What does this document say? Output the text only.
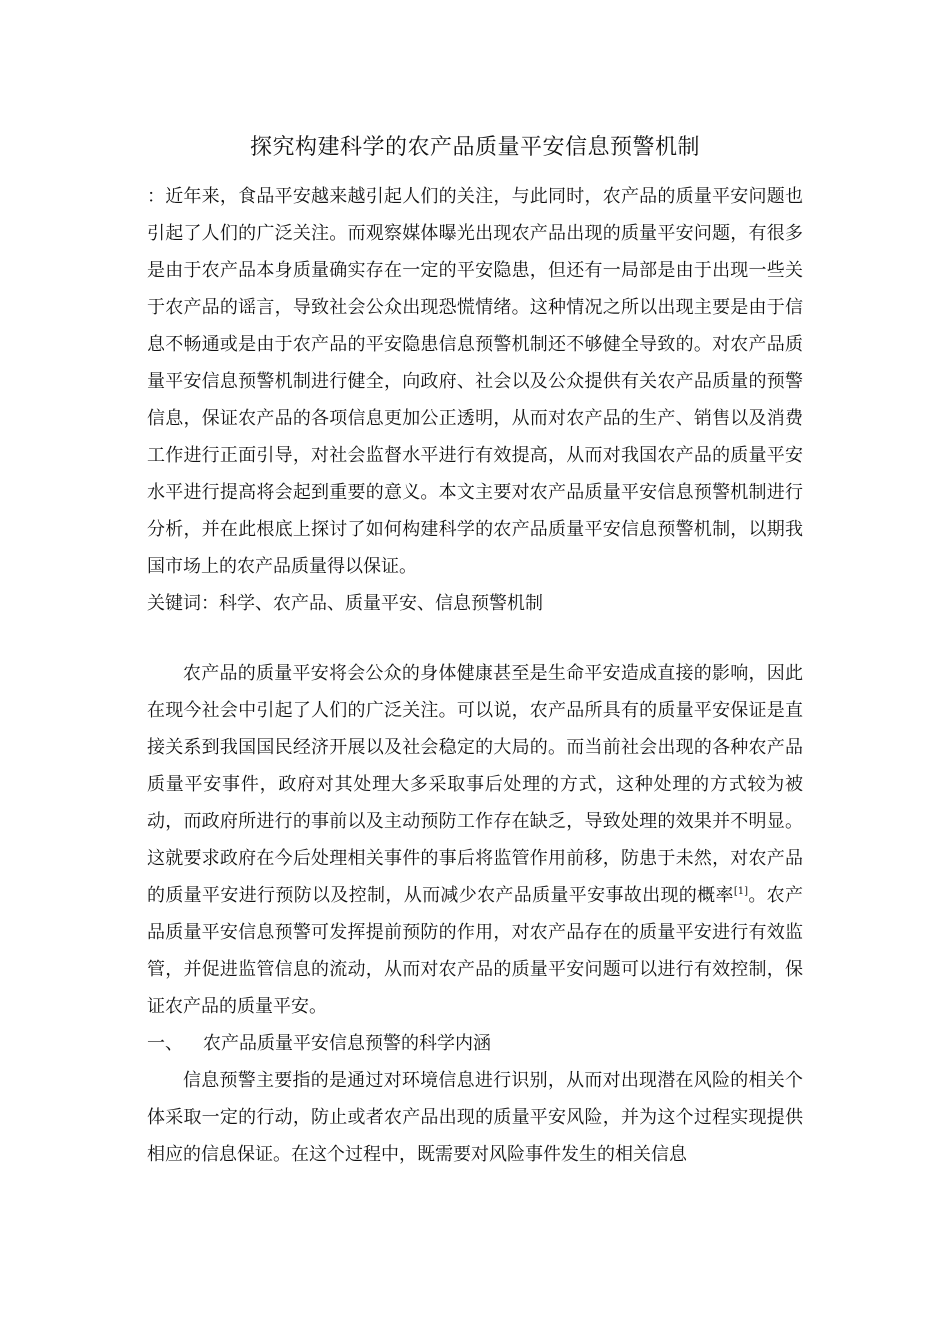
探究构建科学的农产品质量平安信息预警机制

：近年来，食品平安越来越引起人们的关注，与此同时，农产品的质量平安问题也引起了人们的广泛关注。而观察媒体曝光出现农产品出现的质量平安问题，有很多是由于农产品本身质量确实存在一定的平安隐患，但还有一局部是由于出现一些关于农产品的谣言，导致社会公众出现恐慌情绪。这种情况之所以出现主要是由于信息不畅通或是由于农产品的平安隐患信息预警机制还不够健全导致的。对农产品质量平安信息预警机制进行健全，向政府、社会以及公众提供有关农产品质量的预警信息，保证农产品的各项信息更加公正透明，从而对农产品的生产、销售以及消费工作进行正面引导，对社会监督水平进行有效提高，从而对我国农产品的质量平安水平进行提高将会起到重要的意义。本文主要对农产品质量平安信息预警机制进行分析，并在此根底上探讨了如何构建科学的农产品质量平安信息预警机制，以期我国市场上的农产品质量得以保证。

关键词：科学、农产品、质量平安、信息预警机制

农产品的质量平安将会公众的身体健康甚至是生命平安造成直接的影响，因此在现今社会中引起了人们的广泛关注。可以说，农产品所具有的质量平安保证是直接关系到我国国民经济开展以及社会稳定的大局的。而当前社会出现的各种农产品质量平安事件，政府对其处理大多采取事后处理的方式，这种处理的方式较为被动，而政府所进行的事前以及主动预防工作存在缺乏，导致处理的效果并不明显。这就要求政府在今后处理相关事件的事后将监管作用前移，防患于未然，对农产品的质量平安进行预防以及控制，从而减少农产品质量平安事故出现的概率[1]。农产品质量平安信息预警可发挥提前预防的作用，对农产品存在的质量平安进行有效监管，并促进监管信息的流动，从而对农产品的质量平安问题可以进行有效控制，保证农产品的质量平安。

一、 农产品质量平安信息预警的科学内涵

信息预警主要指的是通过对环境信息进行识别，从而对出现潜在风险的相关个体采取一定的行动，防止或者农产品出现的质量平安风险，并为这个过程实现提供相应的信息保证。在这个过程中，既需要对风险事件发生的相关信息
